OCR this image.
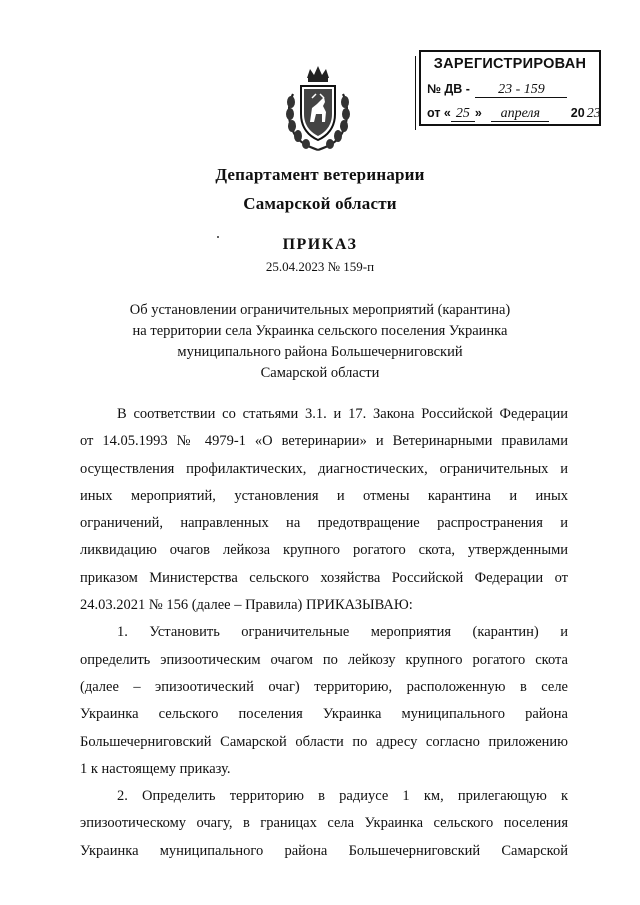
ЗАРЕГИСТРИРОВАН
№ ДВ - 23 - 159
от « 25 » апреля 20 23
Департамент ветеринарии
Самарской области
ПРИКАЗ
25.04.2023 № 159-п
Об установлении ограничительных мероприятий (карантина)
на территории села Украинка сельского поселения Украинка
муниципального района Большечерниговский
Самарской области
В соответствии со статьями 3.1. и 17. Закона Российской Федерации
от 14.05.1993 № 4979-1 «О ветеринарии» и Ветеринарными правилами
осуществления профилактических, диагностических, ограничительных и
иных мероприятий, установления и отмены карантина и иных
ограничений, направленных на предотвращение распространения и
ликвидацию очагов лейкоза крупного рогатого скота, утвержденными
приказом Министерства сельского хозяйства Российской Федерации от
24.03.2021 № 156 (далее – Правила) ПРИКАЗЫВАЮ:
1. Установить ограничительные мероприятия (карантин) и
определить эпизоотическим очагом по лейкозу крупного рогатого скота
(далее – эпизоотический очаг) территорию, расположенную в селе
Украинка сельского поселения Украинка муниципального района
Большечерниговский Самарской области по адресу согласно приложению
1 к настоящему приказу.
2. Определить территорию в радиусе 1 км, прилегающую к
эпизоотическому очагу, в границах села Украинка сельского поселения
Украинка муниципального района Большечерниговский Самарской
